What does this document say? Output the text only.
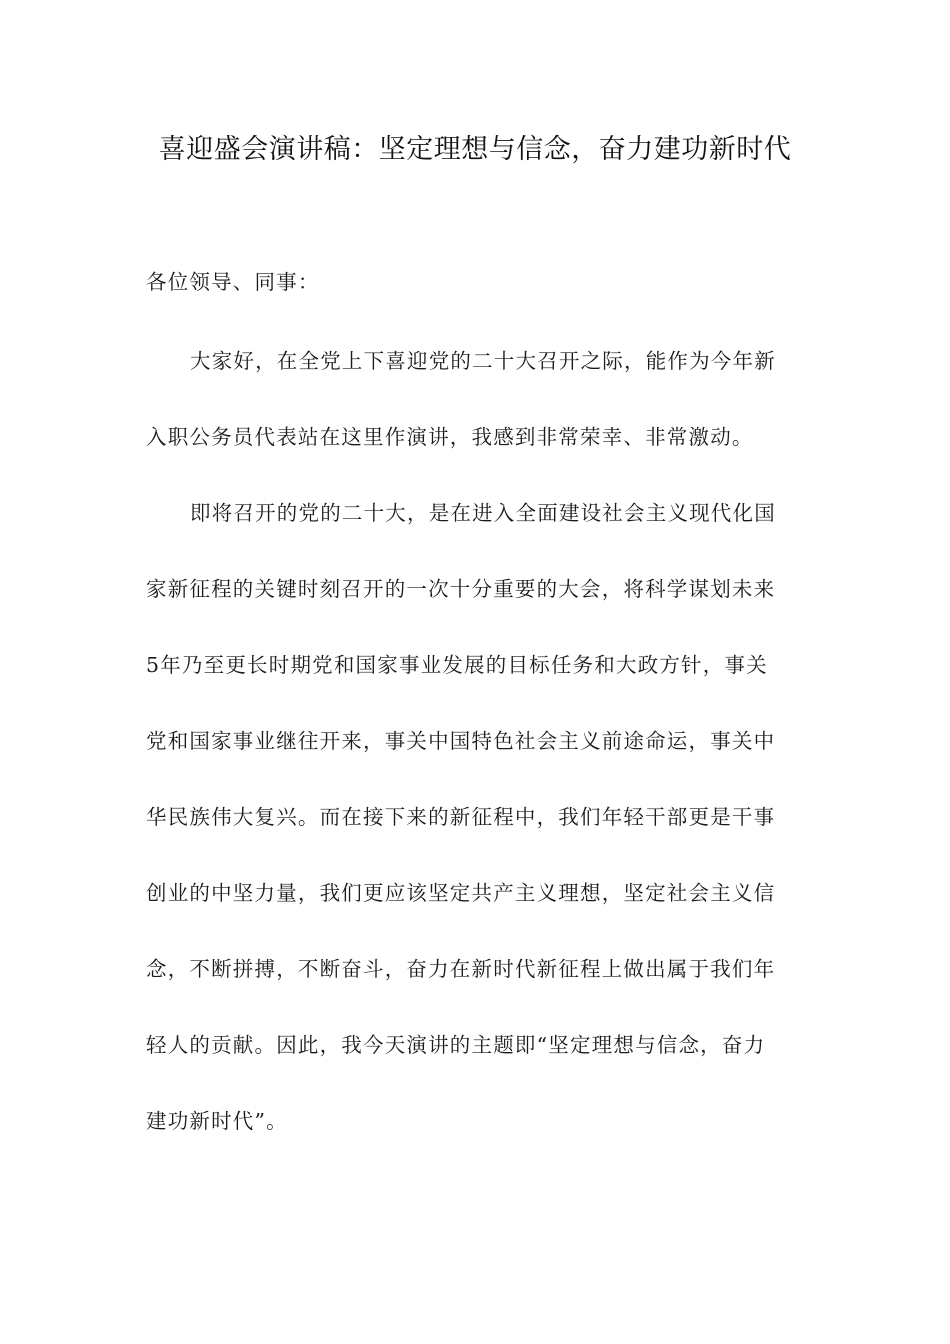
喜迎盛会演讲稿：坚定理想与信念，奋力建功新时代
各位领导、同事：
大家好，在全党上下喜迎党的二十大召开之际，能作为今年新
入职公务员代表站在这里作演讲，我感到非常荣幸、非常激动。
即将召开的党的二十大，是在进入全面建设社会主义现代化国
家新征程的关键时刻召开的一次十分重要的大会，将科学谋划未来
5年乃至更长时期党和国家事业发展的目标任务和大政方针，事关
党和国家事业继往开来，事关中国特色社会主义前途命运，事关中
华民族伟大复兴。而在接下来的新征程中，我们年轻干部更是干事
创业的中坚力量，我们更应该坚定共产主义理想，坚定社会主义信
念，不断拼搏，不断奋斗，奋力在新时代新征程上做出属于我们年
轻人的贡献。因此，我今天演讲的主题即“坚定理想与信念，奋力
建功新时代”。
